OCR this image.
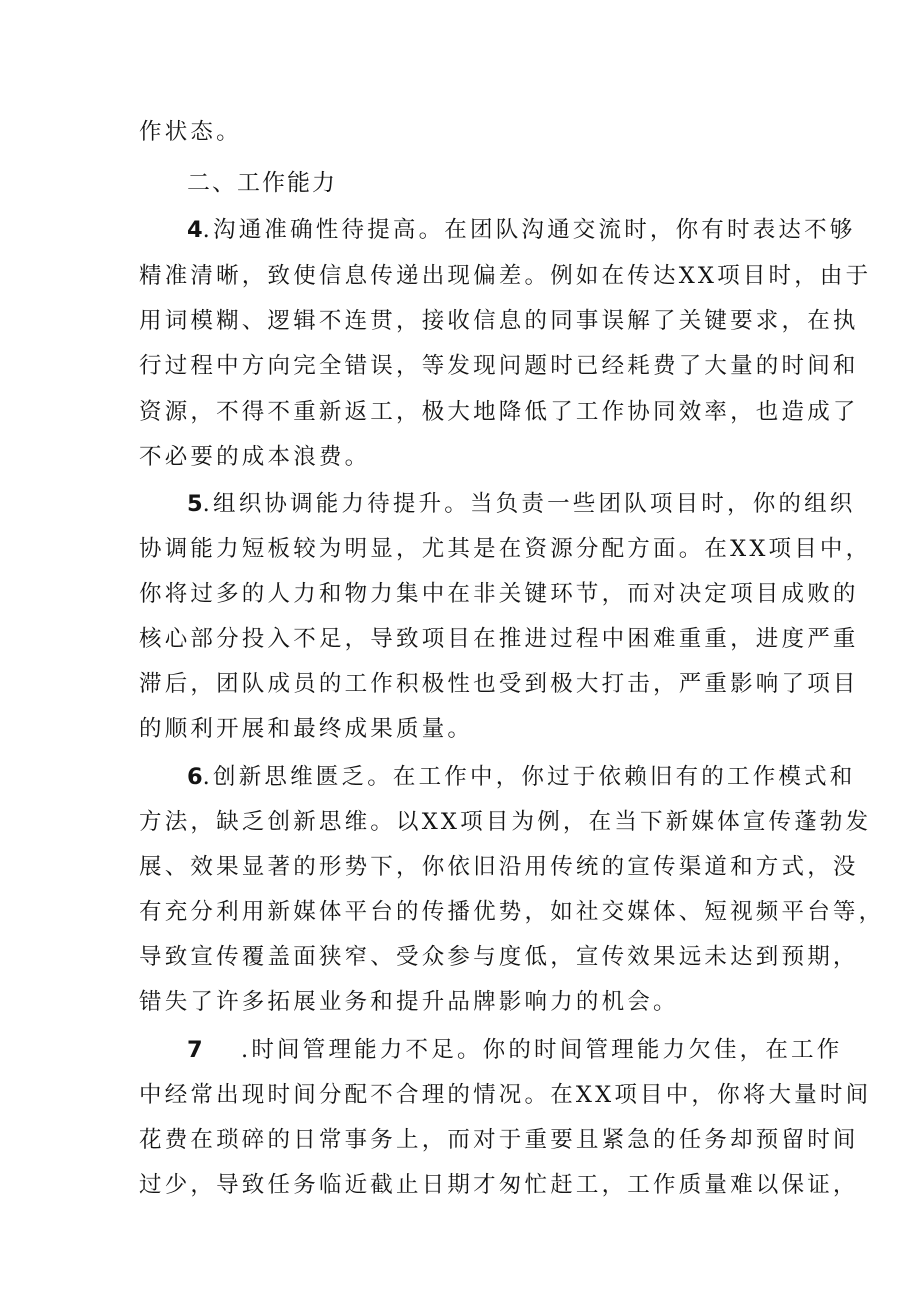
作状态。
二、工作能力
4.沟通准确性待提高。在团队沟通交流时，你有时表达不够
精准清晰，致使信息传递出现偏差。例如在传达XX项目时，由于
用词模糊、逻辑不连贯，接收信息的同事误解了关键要求，在执
行过程中方向完全错误，等发现问题时已经耗费了大量的时间和
资源，不得不重新返工，极大地降低了工作协同效率，也造成了
不必要的成本浪费。
5.组织协调能力待提升。当负责一些团队项目时，你的组织
协调能力短板较为明显，尤其是在资源分配方面。在XX项目中，
你将过多的人力和物力集中在非关键环节，而对决定项目成败的
核心部分投入不足，导致项目在推进过程中困难重重，进度严重
滞后，团队成员的工作积极性也受到极大打击，严重影响了项目
的顺利开展和最终成果质量。
6.创新思维匮乏。在工作中，你过于依赖旧有的工作模式和
方法，缺乏创新思维。以XX项目为例，在当下新媒体宣传蓬勃发
展、效果显著的形势下，你依旧沿用传统的宣传渠道和方式，没
有充分利用新媒体平台的传播优势，如社交媒体、短视频平台等，
导致宣传覆盖面狭窄、受众参与度低，宣传效果远未达到预期，
错失了许多拓展业务和提升品牌影响力的机会。
7 .时间管理能力不足。你的时间管理能力欠佳，在工作
中经常出现时间分配不合理的情况。在XX项目中，你将大量时间
花费在琐碎的日常事务上，而对于重要且紧急的任务却预留时间
过少，导致任务临近截止日期才匆忙赶工，工作质量难以保证，
